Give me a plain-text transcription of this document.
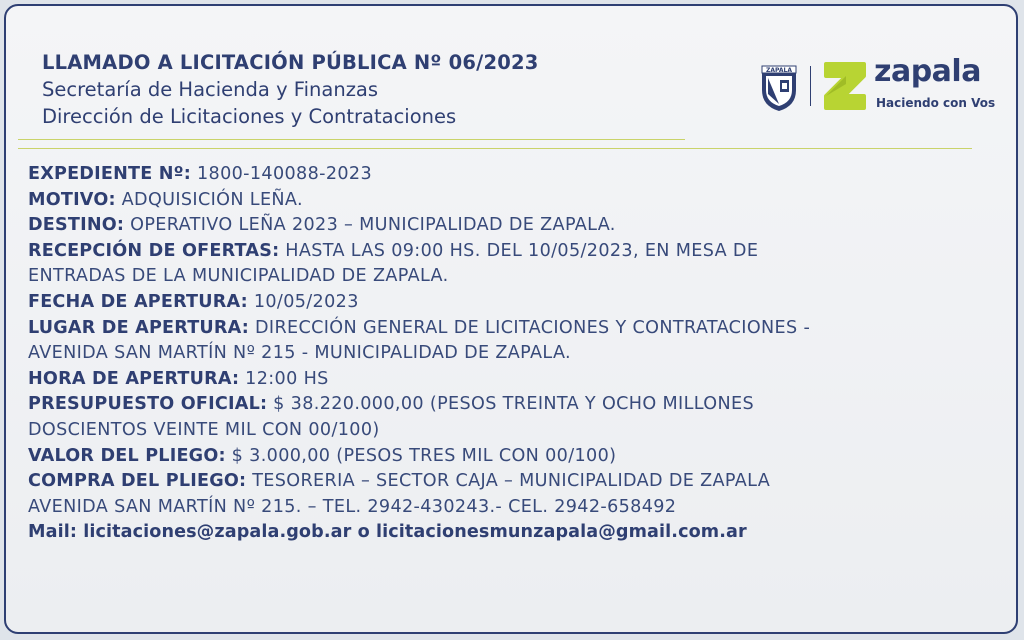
LLAMADO A LICITACIÓN PÚBLICA Nº 06/2023
Secretaría de Hacienda y Finanzas
Dirección de Licitaciones y Contrataciones
ZAPALA	zapala
Haciendo con Vos
EXPEDIENTE Nº: 1800-140088-2023
MOTIVO: ADQUISICIÓN LEÑA.
DESTINO: OPERATIVO LEÑA 2023 – MUNICIPALIDAD DE ZAPALA.
RECEPCIÓN DE OFERTAS: HASTA LAS 09:00 HS. DEL 10/05/2023, EN MESA DE
ENTRADAS DE LA MUNICIPALIDAD DE ZAPALA.
FECHA DE APERTURA: 10/05/2023
LUGAR DE APERTURA: DIRECCIÓN GENERAL DE LICITACIONES Y CONTRATACIONES -
AVENIDA SAN MARTÍN Nº 215 - MUNICIPALIDAD DE ZAPALA.
HORA DE APERTURA: 12:00 HS
PRESUPUESTO OFICIAL: $ 38.220.000,00 (PESOS TREINTA Y OCHO MILLONES
DOSCIENTOS VEINTE MIL CON 00/100)
VALOR DEL PLIEGO: $ 3.000,00 (PESOS TRES MIL CON 00/100)
COMPRA DEL PLIEGO: TESORERIA – SECTOR CAJA – MUNICIPALIDAD DE ZAPALA
AVENIDA SAN MARTÍN Nº 215. – TEL. 2942-430243.- CEL. 2942-658492
Mail: licitaciones@zapala.gob.ar o licitacionesmunzapala@gmail.com.ar
